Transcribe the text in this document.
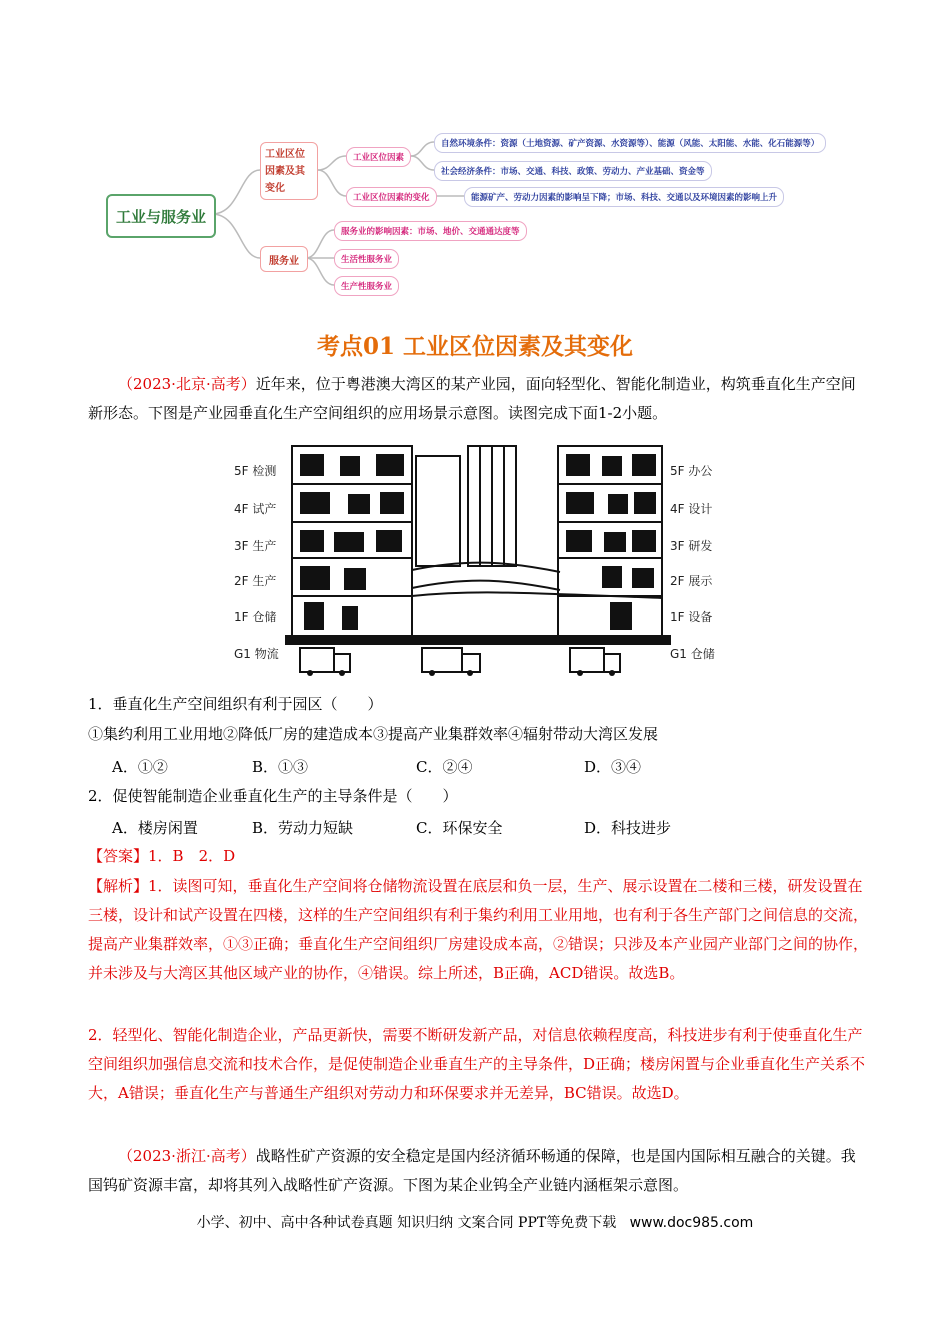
工业与服务业
工业区位因素及其变化
服务业
工业区位因素
工业区位因素的变化
自然环境条件：资源（土地资源、矿产资源、水资源等）、能源（风能、太阳能、水能、化石能源等）
社会经济条件：市场、交通、科技、政策、劳动力、产业基础、资金等
能源矿产、劳动力因素的影响呈下降；市场、科技、交通以及环境因素的影响上升
服务业的影响因素：市场、地价、交通通达度等
生活性服务业
生产性服务业
考点01 工业区位因素及其变化
（2023·北京·高考）近年来，位于粤港澳大湾区的某产业园，面向轻型化、智能化制造业，构筑垂直化生产空间新形态。下图是产业园垂直化生产空间组织的应用场景示意图。读图完成下面1-2小题。
5F 检测
4F 试产
3F 生产
2F 生产
1F 仓储
G1 物流
5F 办公
4F 设计
3F 研发
2F 展示
1F 设备
G1 仓储
1．垂直化生产空间组织有利于园区（　　）
①集约利用工业用地②降低厂房的建造成本③提高产业集群效率④辐射带动大湾区发展
A．①②	B．①③	C．②④	D．③④
2．促使智能制造企业垂直化生产的主导条件是（　　）
A．楼房闲置	B．劳动力短缺	C．环保安全	D．科技进步
【答案】1．B　2．D
【解析】1．读图可知，垂直化生产空间将仓储物流设置在底层和负一层，生产、展示设置在二楼和三楼，研发设置在三楼，设计和试产设置在四楼，这样的生产空间组织有利于集约利用工业用地，也有利于各生产部门之间信息的交流，提高产业集群效率，①③正确；垂直化生产空间组织厂房建设成本高，②错误；只涉及本产业园产业部门之间的协作，并未涉及与大湾区其他区域产业的协作，④错误。综上所述，B正确，ACD错误。故选B。
2．轻型化、智能化制造企业，产品更新快，需要不断研发新产品，对信息依赖程度高，科技进步有利于使垂直化生产空间组织加强信息交流和技术合作，是促使制造企业垂直生产的主导条件，D正确；楼房闲置与企业垂直化生产关系不大，A错误；垂直化生产与普通生产组织对劳动力和环保要求并无差异，BC错误。故选D。
（2023·浙江·高考）战略性矿产资源的安全稳定是国内经济循环畅通的保障，也是国内国际相互融合的关键。我国钨矿资源丰富，却将其列入战略性矿产资源。下图为某企业钨全产业链内涵框架示意图。
小学、初中、高中各种试卷真题 知识归纳 文案合同 PPT等免费下载 www.doc985.com
